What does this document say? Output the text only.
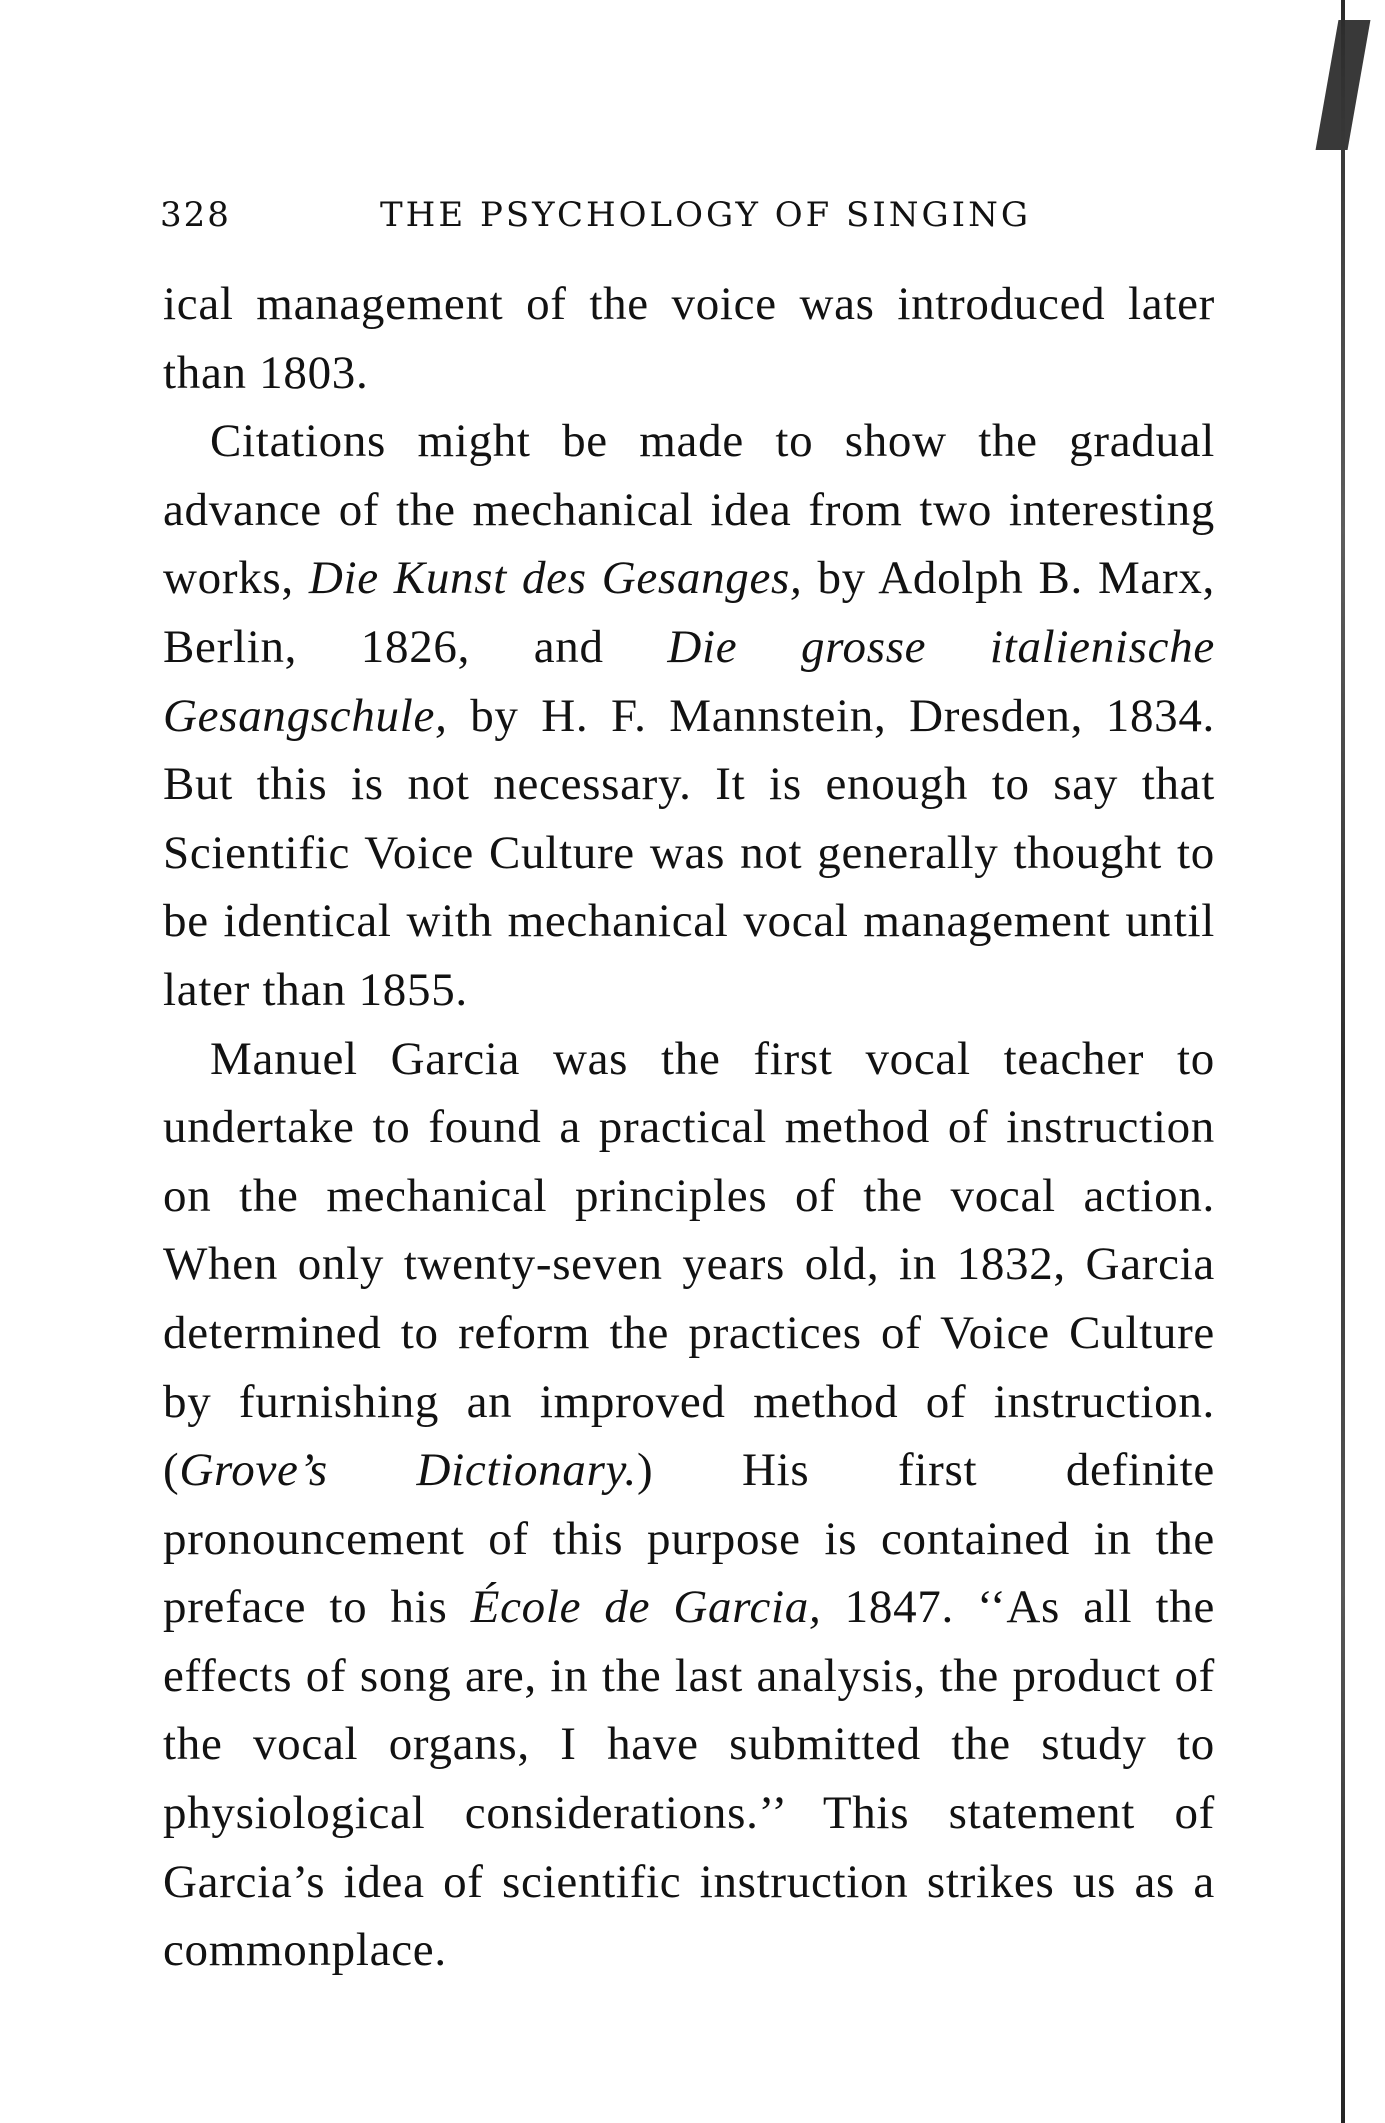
328	THE PSYCHOLOGY OF SINGING

ical management of the voice was introduced later than 1803.

Citations might be made to show the gradual advance of the mechanical idea from two interesting works, Die Kunst des Gesanges, by Adolph B. Marx, Berlin, 1826, and Die grosse italienische Gesangschule, by H. F. Mannstein, Dresden, 1834. But this is not necessary. It is enough to say that Scientific Voice Culture was not generally thought to be identical with mechanical vocal management until later than 1855.

Manuel Garcia was the first vocal teacher to undertake to found a practical method of instruction on the mechanical principles of the vocal action. When only twenty-seven years old, in 1832, Garcia determined to reform the practices of Voice Culture by furnishing an improved method of instruction. (Grove’s Dictionary.) His first definite pronouncement of this purpose is contained in the preface to his École de Garcia, 1847. ‘‘As all the effects of song are, in the last analysis, the product of the vocal organs, I have submitted the study to physiological considerations.’’ This statement of Garcia’s idea of scientific instruction strikes us as a commonplace.
